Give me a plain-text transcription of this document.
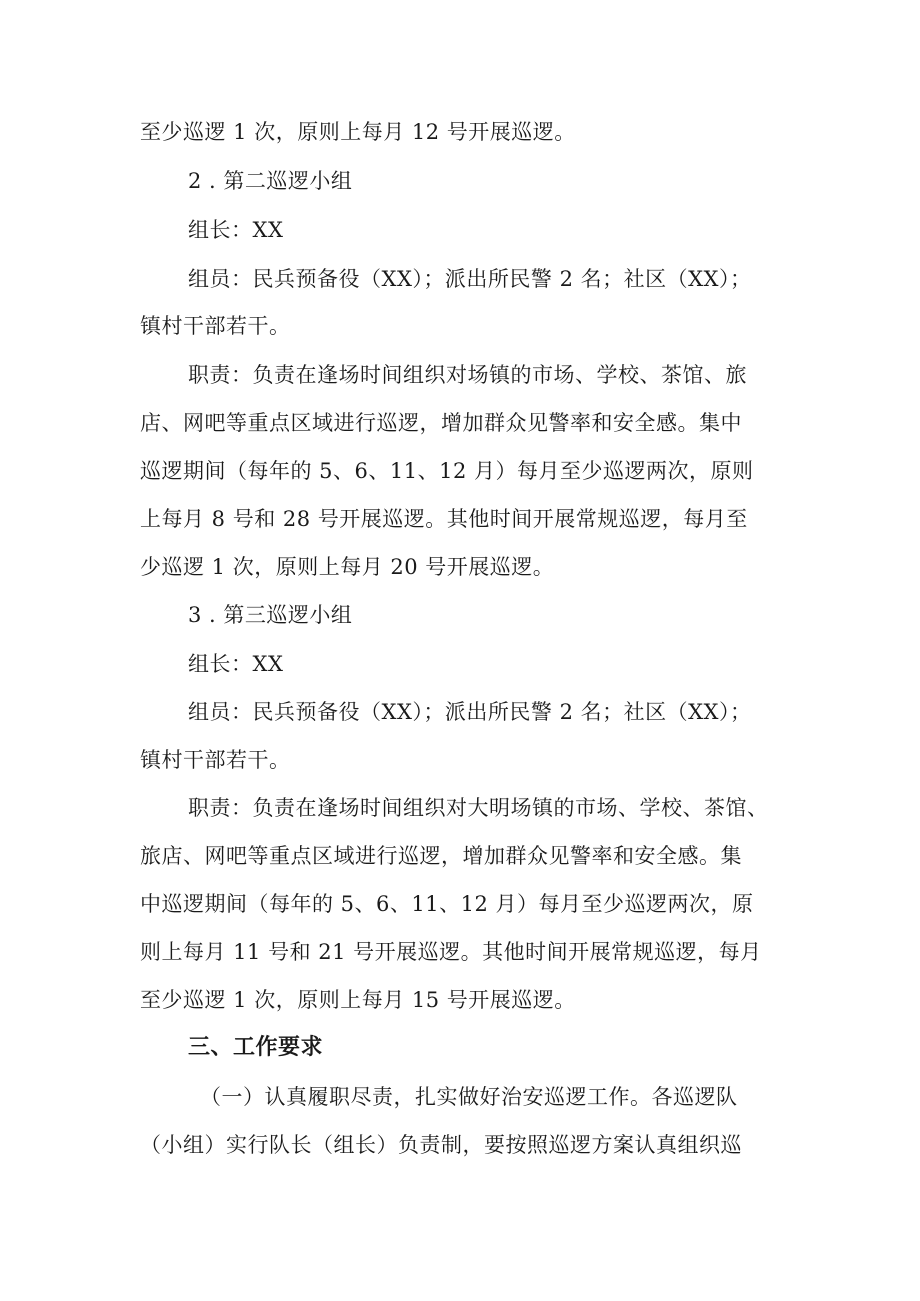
至少巡逻 1 次，原则上每月 12 号开展巡逻。
2 . 第二巡逻小组
组长：XX
组员：民兵预备役（XX）；派出所民警 2 名；社区（XX）；
镇村干部若干。
职责：负责在逢场时间组织对场镇的市场、学校、茶馆、旅
店、网吧等重点区域进行巡逻，增加群众见警率和安全感。集中
巡逻期间（每年的 5、6、11、12 月）每月至少巡逻两次，原则
上每月 8 号和 28 号开展巡逻。其他时间开展常规巡逻，每月至
少巡逻 1 次，原则上每月 20 号开展巡逻。
3 . 第三巡逻小组
组长：XX
组员：民兵预备役（XX）；派出所民警 2 名；社区（XX）；
镇村干部若干。
职责：负责在逢场时间组织对大明场镇的市场、学校、茶馆、
旅店、网吧等重点区域进行巡逻，增加群众见警率和安全感。集
中巡逻期间（每年的 5、6、11、12 月）每月至少巡逻两次，原
则上每月 11 号和 21 号开展巡逻。其他时间开展常规巡逻，每月
至少巡逻 1 次，原则上每月 15 号开展巡逻。
三、工作要求
（一）认真履职尽责，扎实做好治安巡逻工作。各巡逻队
（小组）实行队长（组长）负责制，要按照巡逻方案认真组织巡
